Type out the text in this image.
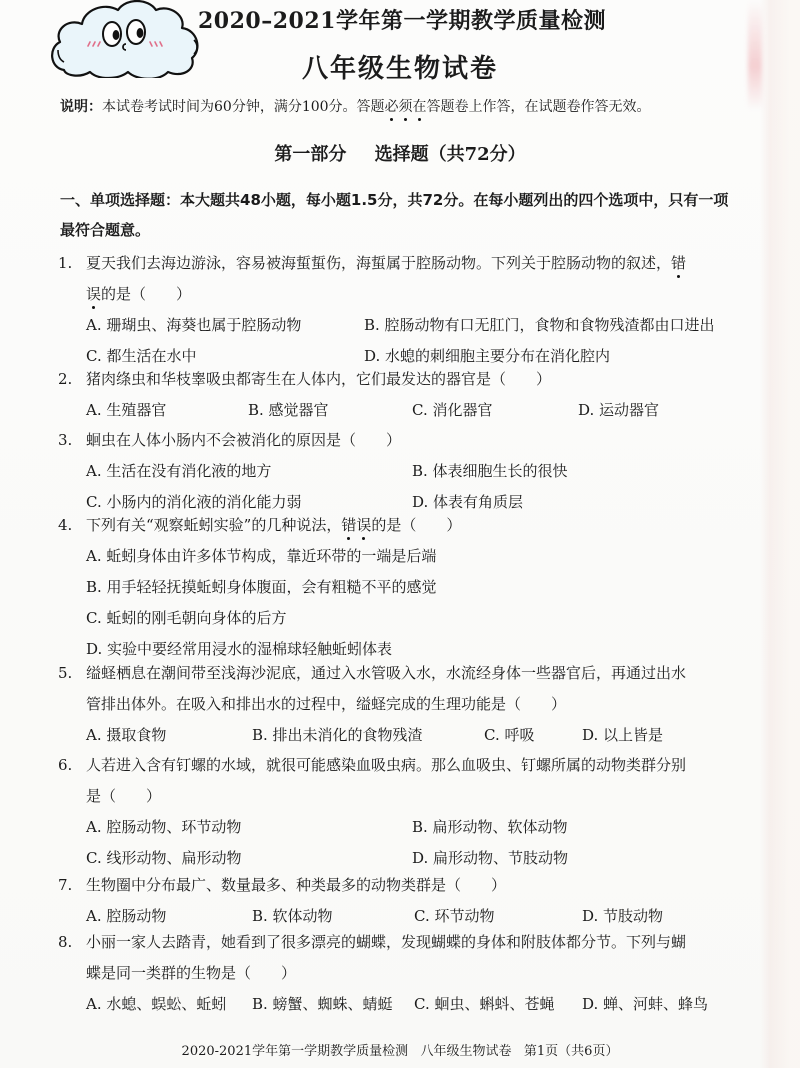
2020–2021学年第一学期教学质量检测
八年级生物试卷
说明：本试卷考试时间为60分钟，满分100分。答题必须在答题卷上作答，在试题卷作答无效。
第一部分 选择题（共72分）
一、单项选择题：本大题共48小题，每小题1.5分，共72分。在每小题列出的四个选项中，只有一项最符合题意。
1. 夏天我们去海边游泳，容易被海蜇蜇伤，海蜇属于腔肠动物。下列关于腔肠动物的叙述，错
误的是（　　）
A. 珊瑚虫、海葵也属于腔肠动物	B. 腔肠动物有口无肛门，食物和食物残渣都由口进出
C. 都生活在水中	D. 水螅的刺细胞主要分布在消化腔内
2. 猪肉绦虫和华枝睾吸虫都寄生在人体内，它们最发达的器官是（　　）
A. 生殖器官	B. 感觉器官	C. 消化器官	D. 运动器官
3. 蛔虫在人体小肠内不会被消化的原因是（　　）
A. 生活在没有消化液的地方	B. 体表细胞生长的很快
C. 小肠内的消化液的消化能力弱	D. 体表有角质层
4. 下列有关“观察蚯蚓实验”的几种说法，错误的是（　　）
A. 蚯蚓身体由许多体节构成，靠近环带的一端是后端
B. 用手轻轻抚摸蚯蚓身体腹面，会有粗糙不平的感觉
C. 蚯蚓的刚毛朝向身体的后方
D. 实验中要经常用浸水的湿棉球轻触蚯蚓体表
5. 缢蛏栖息在潮间带至浅海沙泥底，通过入水管吸入水，水流经身体一些器官后，再通过出水
管排出体外。在吸入和排出水的过程中，缢蛏完成的生理功能是（　　）
A. 摄取食物	B. 排出未消化的食物残渣	C. 呼吸	D. 以上皆是
6. 人若进入含有钉螺的水域，就很可能感染血吸虫病。那么血吸虫、钉螺所属的动物类群分别
是（　　）
A. 腔肠动物、环节动物	B. 扁形动物、软体动物
C. 线形动物、扁形动物	D. 扁形动物、节肢动物
7. 生物圈中分布最广、数量最多、种类最多的动物类群是（　　）
A. 腔肠动物	B. 软体动物	C. 环节动物	D. 节肢动物
8. 小丽一家人去踏青，她看到了很多漂亮的蝴蝶，发现蝴蝶的身体和附肢体都分节。下列与蝴
蝶是同一类群的生物是（　　）
A. 水螅、蜈蚣、蚯蚓 B. 螃蟹、蜘蛛、蜻蜓 C. 蛔虫、蝌蚪、苍蝇 D. 蝉、河蚌、蜂鸟
2020-2021学年第一学期教学质量检测   八年级生物试卷   第1页（共6页）
